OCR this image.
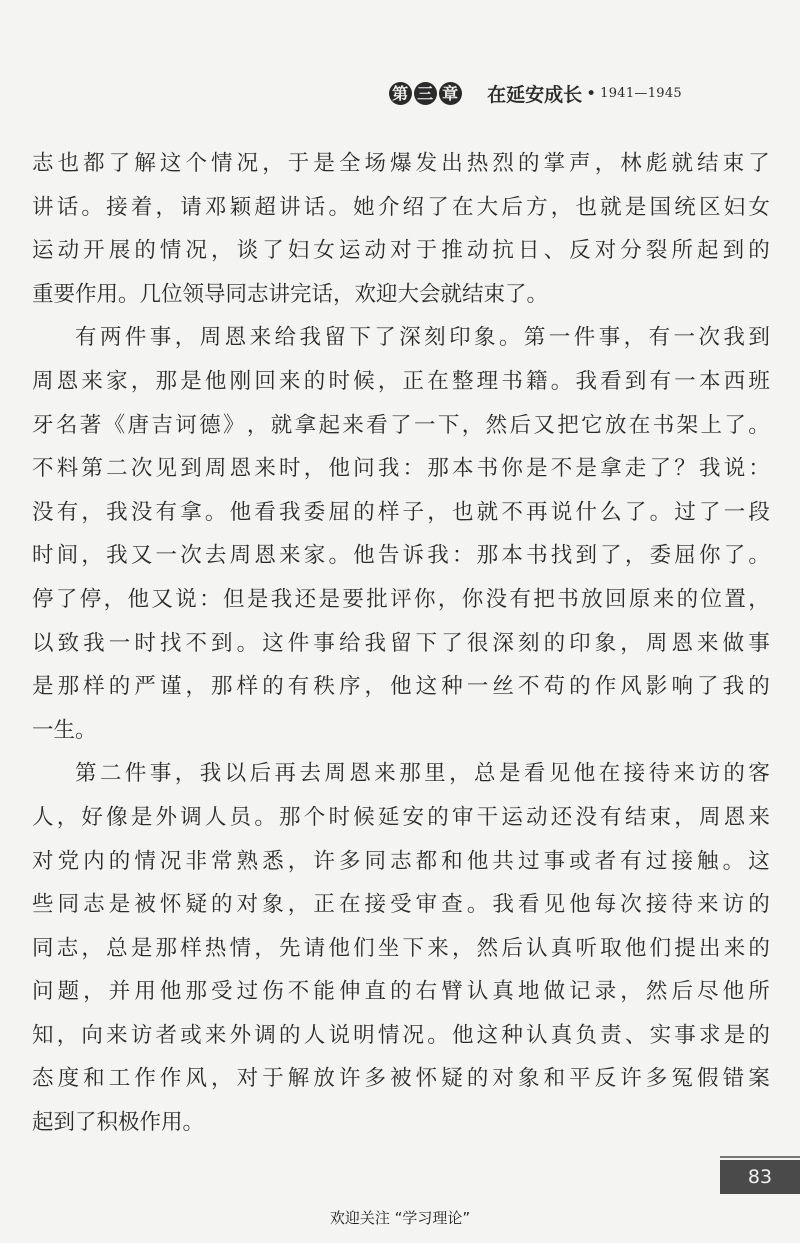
第 三 章 在延安成长 • 1941—1945
志 也 都 了 解 这 个 情 况 ， 于 是 全 场 爆 发 出 热 烈 的 掌 声 ， 林 彪 就 结 束 了
讲 话 。 接 着 ， 请 邓 颖 超 讲 话 。 她 介 绍 了 在 大 后 方 ， 也 就 是 国 统 区 妇 女
运 动 开 展 的 情 况 ， 谈 了 妇 女 运 动 对 于 推 动 抗 日 、 反 对 分 裂 所 起 到 的
重要作用。几位领导同志讲完话，欢迎大会就结束了。
有 两 件 事 ， 周 恩 来 给 我 留 下 了 深 刻 印 象 。 第 一 件 事 ， 有 一 次 我 到
周 恩 来 家 ， 那 是 他 刚 回 来 的 时 候 ， 正 在 整 理 书 籍 。 我 看 到 有 一 本 西 班
牙 名 著 《 唐 吉 诃 德 》 ， 就 拿 起 来 看 了 一 下 ， 然 后 又 把 它 放 在 书 架 上 了 。
不 料 第 二 次 见 到 周 恩 来 时 ， 他 问 我 ： 那 本 书 你 是 不 是 拿 走 了 ？ 我 说 ：
没 有 ， 我 没 有 拿 。 他 看 我 委 屈 的 样 子 ， 也 就 不 再 说 什 么 了 。 过 了 一 段
时 间 ， 我 又 一 次 去 周 恩 来 家 。 他 告 诉 我 ： 那 本 书 找 到 了 ， 委 屈 你 了 。
停 了 停 ， 他 又 说 ： 但 是 我 还 是 要 批 评 你 ， 你 没 有 把 书 放 回 原 来 的 位 置 ，
以 致 我 一 时 找 不 到 。 这 件 事 给 我 留 下 了 很 深 刻 的 印 象 ， 周 恩 来 做 事
是 那 样 的 严 谨 ， 那 样 的 有 秩 序 ， 他 这 种 一 丝 不 苟 的 作 风 影 响 了 我 的
一生。
第 二 件 事 ， 我 以 后 再 去 周 恩 来 那 里 ， 总 是 看 见 他 在 接 待 来 访 的 客
人 ， 好 像 是 外 调 人 员 。 那 个 时 候 延 安 的 审 干 运 动 还 没 有 结 束 ， 周 恩 来
对 党 内 的 情 况 非 常 熟 悉 ， 许 多 同 志 都 和 他 共 过 事 或 者 有 过 接 触 。 这
些 同 志 是 被 怀 疑 的 对 象 ， 正 在 接 受 审 查 。 我 看 见 他 每 次 接 待 来 访 的
同 志 ， 总 是 那 样 热 情 ， 先 请 他 们 坐 下 来 ， 然 后 认 真 听 取 他 们 提 出 来 的
问 题 ， 并 用 他 那 受 过 伤 不 能 伸 直 的 右 臂 认 真 地 做 记 录 ， 然 后 尽 他 所
知 ， 向 来 访 者 或 来 外 调 的 人 说 明 情 况 。 他 这 种 认 真 负 责 、 实 事 求 是 的
态 度 和 工 作 作 风 ， 对 于 解 放 许 多 被 怀 疑 的 对 象 和 平 反 许 多 冤 假 错 案
起到了积极作用。
83
欢迎关注 “学习理论”
